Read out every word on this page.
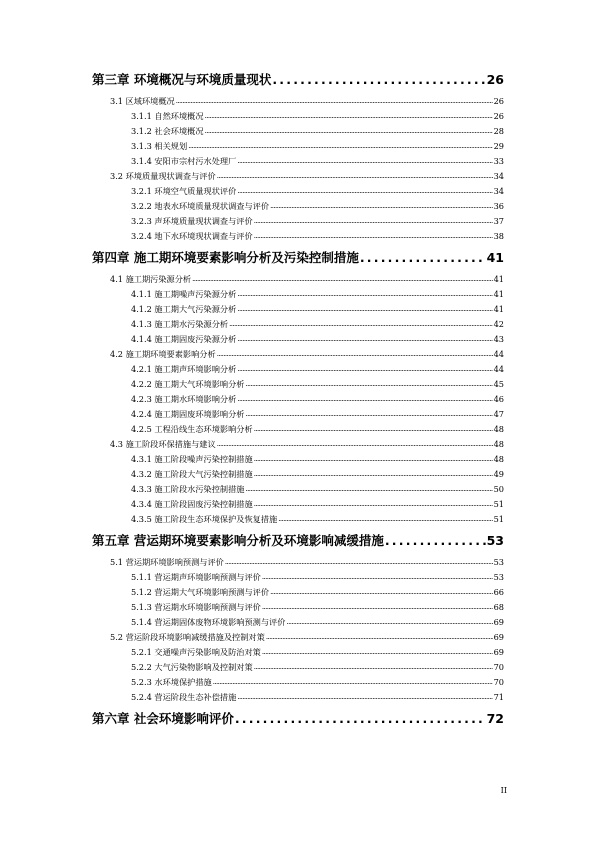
第三章 环境概况与环境质量现状 .....	26
3.1 区域环境概况 .....	26
3.1.1 自然环境概况 .....	26
3.1.2 社会环境概况 .....	28
3.1.3 相关规划 .....	29
3.1.4 安阳市宗村污水处理厂 .....	33
3.2 环境质量现状调查与评价 .....	34
3.2.1 环境空气质量现状评价 .....	34
3.2.2 地表水环境质量现状调查与评价 .....	36
3.2.3 声环境质量现状调查与评价 .....	37
3.2.4 地下水环境现状调查与评价 .....	38
第四章 施工期环境要素影响分析及污染控制措施 .....	41
4.1 施工期污染源分析 .....	41
4.1.1 施工期噪声污染源分析 .....	41
4.1.2 施工期大气污染源分析 .....	41
4.1.3 施工期水污染源分析 .....	42
4.1.4 施工期固废污染源分析 .....	43
4.2 施工期环境要素影响分析 .....	44
4.2.1 施工期声环境影响分析 .....	44
4.2.2 施工期大气环境影响分析 .....	45
4.2.3 施工期水环境影响分析 .....	46
4.2.4 施工期固废环境影响分析 .....	47
4.2.5 工程沿线生态环境影响分析 .....	48
4.3 施工阶段环保措施与建议 .....	48
4.3.1 施工阶段噪声污染控制措施 .....	48
4.3.2 施工阶段大气污染控制措施 .....	49
4.3.3 施工阶段水污染控制措施 .....	50
4.3.4 施工阶段固废污染控制措施 .....	51
4.3.5 施工阶段生态环境保护及恢复措施 .....	51
第五章 营运期环境要素影响分析及环境影响减缓措施 .....	53
5.1 营运期环境影响预测与评价 .....	53
5.1.1 营运期声环境影响预测与评价 .....	53
5.1.2 营运期大气环境影响预测与评价 .....	66
5.1.3 营运期水环境影响预测与评价 .....	68
5.1.4 营运期固体废物环境影响预测与评价 .....	69
5.2 营运阶段环境影响减缓措施及控制对策 .....	69
5.2.1 交通噪声污染影响及防治对策 .....	69
5.2.2 大气污染物影响及控制对策 .....	70
5.2.3 水环境保护措施 .....	70
5.2.4 营运阶段生态补偿措施 .....	71
第六章 社会环境影响评价 .....	72
II
